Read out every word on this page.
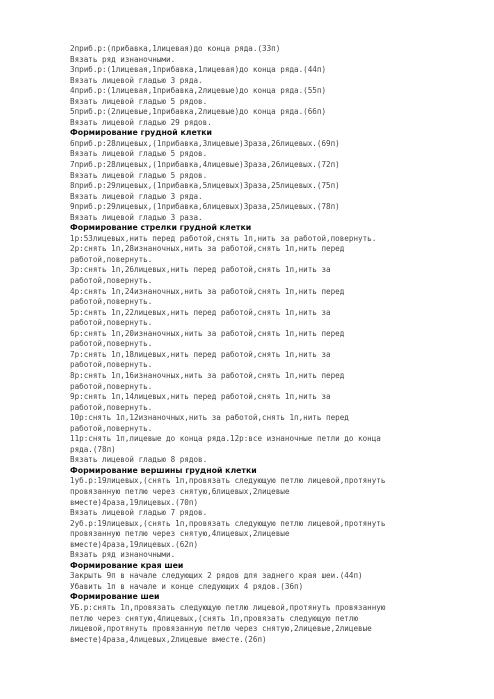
2приб.р:(прибавка,1лицевая)до конца ряда.(33п)
Вязать ряд изнаночными.
3приб.р:(1лицевая,1прибавка,1лицевая)до конца ряда.(44п)
Вязать лицевой гладью 3 ряда.
4приб.р:(1лицевая,1прибавка,2лицевые)до конца ряда.(55п)
Вязать лицевой гладью 5 рядов.
5приб.р:(2лицевые,1прибавка,2лицевые)до конца ряда.(66п)
Вязать лицевой гладью 29 рядов.
Формирование грудной клетки
6приб.р:28лицевых,(1прибавка,3лицевые)3раза,26лицевых.(69п)
Вязать лицевой гладью 5 рядов.
7приб.р:28лицевых,(1прибавка,4лицевые)3раза,26лицевых.(72п)
Вязать лицевой гладью 5 рядов.
8приб.р:29лицевых,(1прибавка,5лицевых)3раза,25лицевых.(75п)
Вязать лицевой гладью 3 ряда.
9приб.р:29лицевых,(1прибавка,6лицевых)3раза,25лицевых.(78п)
Вязать лицевой гладью 3 раза.
Формирование стрелки грудной клетки
1р:53лицевых,нить перед работой,снять 1п,нить за работой,повернуть.
2р:снять 1п,28изнаночных,нить за работой,снять 1п,нить перед
работой,повернуть.
3р:снять 1п,26лицевых,нить перед работой,снять 1п,нить за
работой,повернуть.
4р:снять 1п,24изнаночных,нить за работой,снять 1п,нить перед
работой,повернуть.
5р:снять 1п,22лицевых,нить перед работой,снять 1п,нить за
работой,повернуть.
6р:снять 1п,20изнаночных,нить за работой,снять 1п,нить перед
работой,повернуть.
7р:снять 1п,18лицевых,нить перед работой,снять 1п,нить за
работой,повернуть.
8р:снять 1п,16изнаночных,нить за работой,снять 1п,нить перед
работой,повернуть.
9р:снять 1п,14лицевых,нить перед работой,снять 1п,нить за
работой,повернуть.
10р:снять 1п,12изнаночных,нить за работой,снять 1п,нить перед
работой,повернуть.
11р:снять 1п,лицевые до конца ряда.12р:все изнаночные петли до конца
ряда.(78п)
Вязать лицевой гладью 8 рядов.
Формирование вершины грудной клетки
1уб.р:19лицевых,(снять 1п,провязать следующую петлю лицевой,протянуть
провязанную петлю через снятую,6лицевых,2лицевые
вместе)4раза,19лицевых.(70п)
Вязать лицевой гладью 7 рядов.
2уб.р:19лицевых,(снять 1п,провязать следующую петлю лицевой,протянуть
провязанную петлю через снятую,4лицевых,2лицевые
вместе)4раза,19лицевых.(62п)
Вязать ряд изнаночными.
Формирование края шеи
Закрыть 9п в начале следующих 2 рядов для заднего края шеи.(44п)
Убавить 1п в начале и конце следующих 4 рядов.(36п)
Формирование шеи
УБ.р:снять 1п,провязать следующую петлю лицевой,протянуть провязанную
петлю через снятую,4лицевых,(снять 1п,провязать следующую петлю
лицевой,протянуть провязанную петлю через снятую,2лицевые,2лицевые
вместе)4раза,4лицевых,2лицевые вместе.(26п)
